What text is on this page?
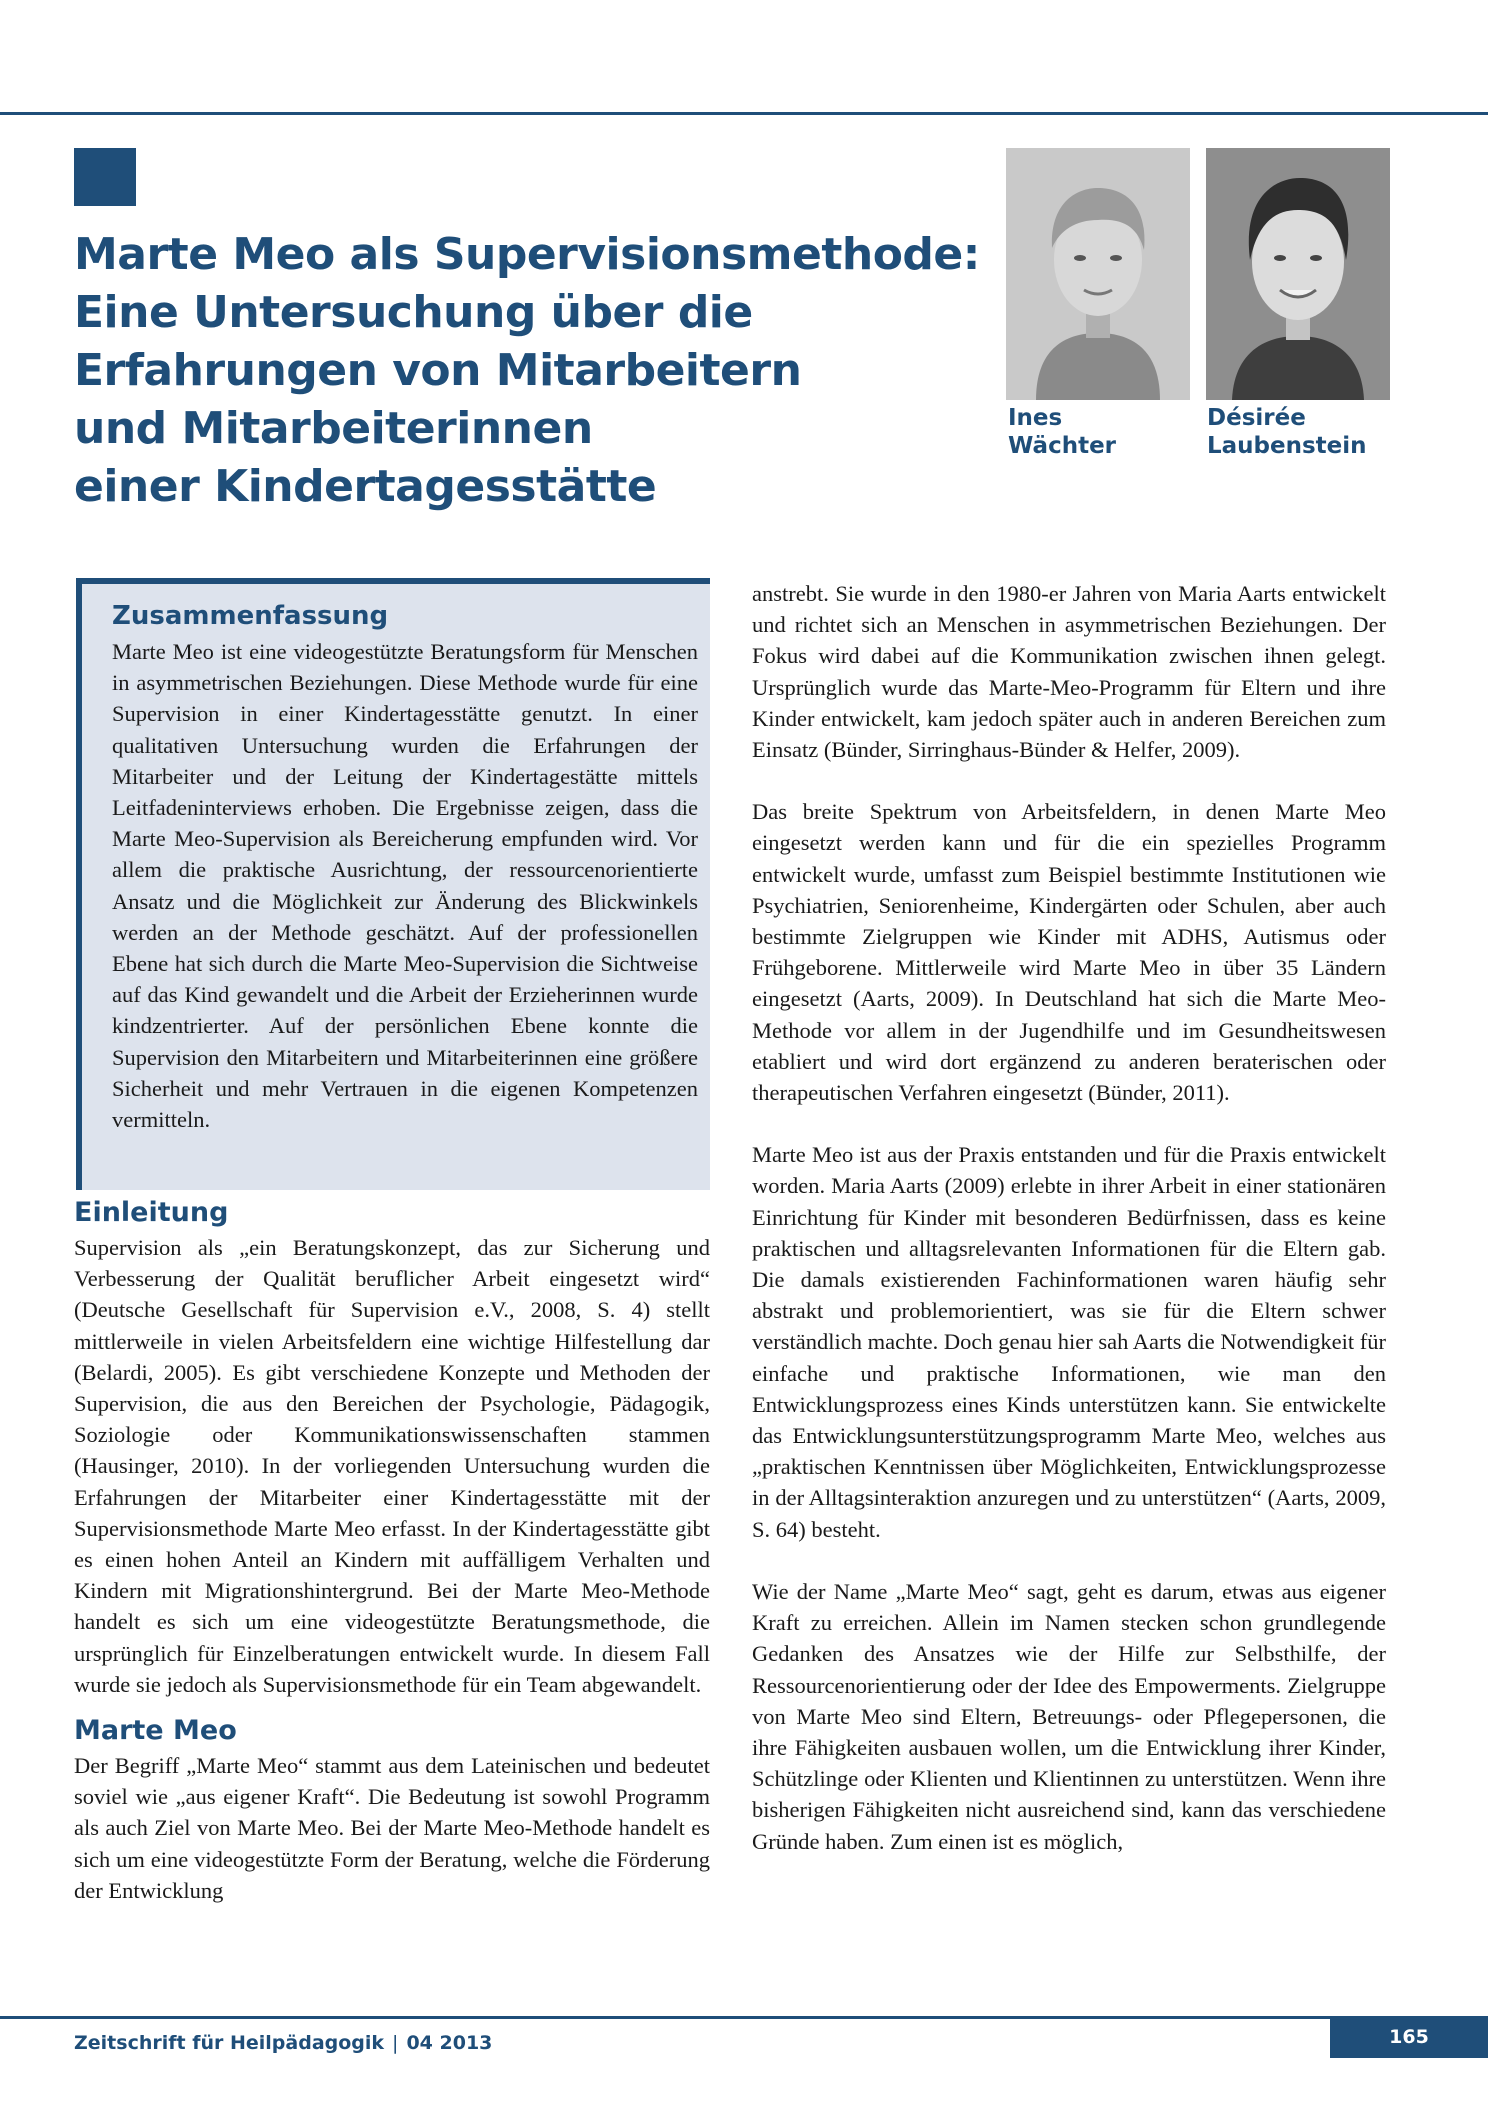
Marte Meo als Supervisionsmethode:
Eine Untersuchung über die
Erfahrungen von Mitarbeitern
und Mitarbeiterinnen
einer Kindertagesstätte

Ines
Wächter

Désirée
Laubenstein

Zusammenfassung

Marte Meo ist eine videogestützte Beratungsform für Menschen in asymmetrischen Beziehungen. Diese Methode wurde für eine Supervision in einer Kindertagesstätte genutzt. In einer qualitativen Untersuchung wurden die Erfahrungen der Mitarbeiter und der Leitung der Kindertagestätte mittels Leitfadeninterviews erhoben. Die Ergebnisse zeigen, dass die Marte Meo-Supervision als Bereicherung empfunden wird. Vor allem die praktische Ausrichtung, der ressourcenorientierte Ansatz und die Möglichkeit zur Änderung des Blickwinkels werden an der Methode geschätzt. Auf der professionellen Ebene hat sich durch die Marte Meo-Supervision die Sichtweise auf das Kind gewandelt und die Arbeit der Erzieherinnen wurde kindzentrierter. Auf der persönlichen Ebene konnte die Supervision den Mitarbeitern und Mitarbeiterinnen eine größere Sicherheit und mehr Vertrauen in die eigenen Kompetenzen vermitteln.

Einleitung

Supervision als „ein Beratungskonzept, das zur Sicherung und Verbesserung der Qualität beruflicher Arbeit eingesetzt wird“ (Deutsche Gesellschaft für Supervision e.V., 2008, S. 4) stellt mittlerweile in vielen Arbeitsfeldern eine wichtige Hilfestellung dar (Belardi, 2005). Es gibt verschiedene Konzepte und Methoden der Supervision, die aus den Bereichen der Psychologie, Pädagogik, Soziologie oder Kommunikationswissenschaften stammen (Hausinger, 2010). In der vorliegenden Untersuchung wurden die Erfahrungen der Mitarbeiter einer Kindertagesstätte mit der Supervisionsmethode Marte Meo erfasst. In der Kindertagesstätte gibt es einen hohen Anteil an Kindern mit auffälligem Verhalten und Kindern mit Migrationshintergrund. Bei der Marte Meo-Methode handelt es sich um eine videogestützte Beratungsmethode, die ursprünglich für Einzelberatungen entwickelt wurde. In diesem Fall wurde sie jedoch als Supervisionsmethode für ein Team abgewandelt.

Marte Meo

Der Begriff „Marte Meo“ stammt aus dem Lateinischen und bedeutet soviel wie „aus eigener Kraft“. Die Bedeutung ist sowohl Programm als auch Ziel von Marte Meo. Bei der Marte Meo-Methode handelt es sich um eine videogestützte Form der Beratung, welche die Förderung der Entwicklung

anstrebt. Sie wurde in den 1980-er Jahren von Maria Aarts entwickelt und richtet sich an Menschen in asymmetrischen Beziehungen. Der Fokus wird dabei auf die Kommunikation zwischen ihnen gelegt. Ursprünglich wurde das Marte-Meo-Programm für Eltern und ihre Kinder entwickelt, kam jedoch später auch in anderen Bereichen zum Einsatz (Bünder, Sirringhaus-Bünder & Helfer, 2009).

Das breite Spektrum von Arbeitsfeldern, in denen Marte Meo eingesetzt werden kann und für die ein spezielles Programm entwickelt wurde, umfasst zum Beispiel bestimmte Institutionen wie Psychiatrien, Seniorenheime, Kindergärten oder Schulen, aber auch bestimmte Zielgruppen wie Kinder mit ADHS, Autismus oder Frühgeborene. Mittlerweile wird Marte Meo in über 35 Ländern eingesetzt (Aarts, 2009). In Deutschland hat sich die Marte Meo-Methode vor allem in der Jugendhilfe und im Gesundheitswesen etabliert und wird dort ergänzend zu anderen beraterischen oder therapeutischen Verfahren eingesetzt (Bünder, 2011).

Marte Meo ist aus der Praxis entstanden und für die Praxis entwickelt worden. Maria Aarts (2009) erlebte in ihrer Arbeit in einer stationären Einrichtung für Kinder mit besonderen Bedürfnissen, dass es keine praktischen und alltagsrelevanten Informationen für die Eltern gab. Die damals existierenden Fachinformationen waren häufig sehr abstrakt und problemorientiert, was sie für die Eltern schwer verständlich machte. Doch genau hier sah Aarts die Notwendigkeit für einfache und praktische Informationen, wie man den Entwicklungsprozess eines Kinds unterstützen kann. Sie entwickelte das Entwicklungsunterstützungsprogramm Marte Meo, welches aus „praktischen Kenntnissen über Möglichkeiten, Entwicklungsprozesse in der Alltagsinteraktion anzuregen und zu unterstützen“ (Aarts, 2009, S. 64) besteht.

Wie der Name „Marte Meo“ sagt, geht es darum, etwas aus eigener Kraft zu erreichen. Allein im Namen stecken schon grundlegende Gedanken des Ansatzes wie der Hilfe zur Selbsthilfe, der Ressourcenorientierung oder der Idee des Empowerments. Zielgruppe von Marte Meo sind Eltern, Betreuungs- oder Pflegepersonen, die ihre Fähigkeiten ausbauen wollen, um die Entwicklung ihrer Kinder, Schützlinge oder Klienten und Klientinnen zu unterstützen. Wenn ihre bisherigen Fähigkeiten nicht ausreichend sind, kann das verschiedene Gründe haben. Zum einen ist es möglich,

Zeitschrift für Heilpädagogik | 04 2013	165
